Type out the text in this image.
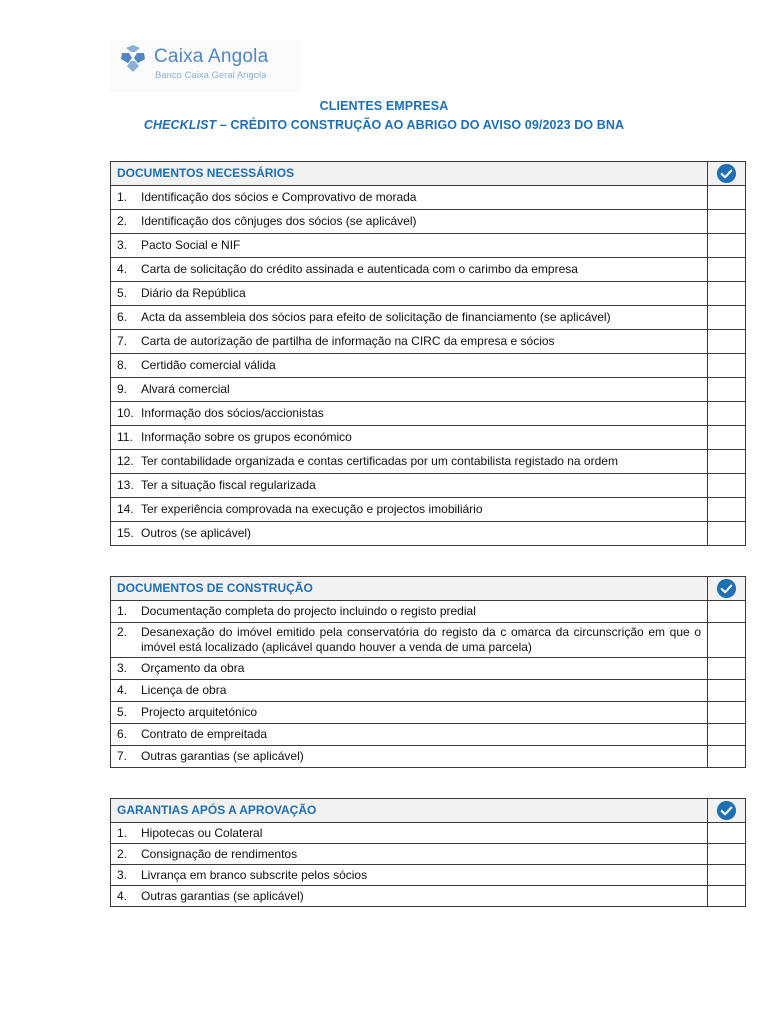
Caixa Angola
Banco Caixa Geral Angola
CLIENTES EMPRESA
CHECKLIST – CRÉDITO CONSTRUÇÃO AO ABRIGO DO AVISO 09/2023 DO BNA
DOCUMENTOS NECESSÁRIOS	

1. Identificação dos sócios e Comprovativo de morada	

2. Identificação dos cônjuges dos sócios (se aplicável)	

3. Pacto Social e NIF	

4. Carta de solicitação do crédito assinada e autenticada com o carimbo da empresa	

5. Diário da República	

6. Acta da assembleia dos sócios para efeito de solicitação de financiamento (se aplicável)	

7. Carta de autorização de partilha de informação na CIRC da empresa e sócios	

8. Certidão comercial válida	

9. Alvará comercial	

10. Informação dos sócios/accionistas	

11. Informação sobre os grupos económico	

12. Ter contabilidade organizada e contas certificadas por um contabilista registado na ordem	

13. Ter a situação fiscal regularizada	

14. Ter experiência comprovada na execução e projectos imobiliário	

15. Outros (se aplicável)	

DOCUMENTOS DE CONSTRUÇÃO	

1. Documentação completa do projecto incluindo o registo predial	

2. Desanexação do imóvel emitido pela conservatória do registo da c omarca da circunscrição em que o imóvel está localizado (aplicável quando houver a venda de uma parcela)	

3. Orçamento da obra	

4. Licença de obra	

5. Projecto arquitetónico	

6. Contrato de empreitada	

7. Outras garantias (se aplicável)	

GARANTIAS APÓS A APROVAÇÃO	

1. Hipotecas ou Colateral	

2. Consignação de rendimentos	

3. Livrança em branco subscrite pelos sócios	

4. Outras garantias (se aplicável)	
